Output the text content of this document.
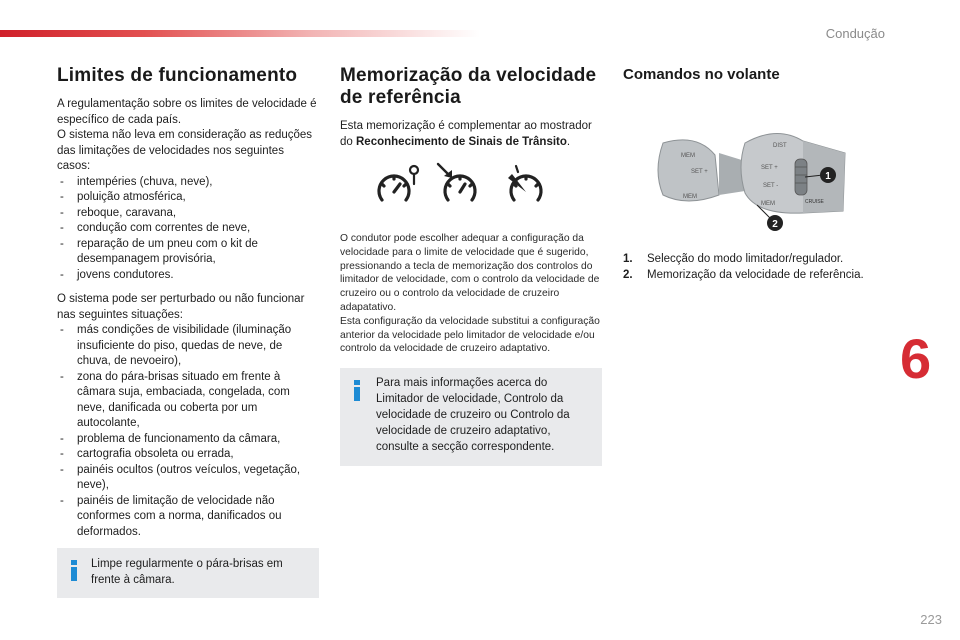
Condução
6
223
Limites de funcionamento

A regulamentação sobre os limites de velocidade é específico de cada país.
O sistema não leva em consideração as reduções das limitações de velocidades nos seguintes casos:

- intempéries (chuva, neve),
- poluição atmosférica,
- reboque, caravana,
- condução com correntes de neve,
- reparação de um pneu com o kit de desempanagem provisória,
- jovens condutores.

O sistema pode ser perturbado ou não funcionar nas seguintes situações:

- más condições de visibilidade (iluminação insuficiente do piso, quedas de neve, de chuva, de nevoeiro),
- zona do pára-brisas situado em frente à câmara suja, embaciada, congelada, com neve, danificada ou coberta por um autocolante,
- problema de funcionamento da câmara,
- cartografia obsoleta ou errada,
- painéis ocultos (outros veículos, vegetação, neve),
- painéis de limitação de velocidade não conformes com a norma, danificados ou deformados.
Limpe regularmente o pára-brisas em frente à câmara.
Memorização da velocidade de referência

Esta memorização é complementar ao mostrador do Reconhecimento de Sinais de Trânsito.

O condutor pode escolher adequar a configuração da velocidade para o limite de velocidade que é sugerido, pressionando a tecla de memorização dos controlos do limitador de velocidade, com o controlo da velocidade de cruzeiro ou o controlo da velocidade de cruzeiro adapatativo.
Esta configuração da velocidade substitui a configuração anterior da velocidade pelo limitador de velocidade e/ou controlo da velocidade de cruzeiro adaptativo.

Para mais informações acerca do Limitador de velocidade, Controlo da velocidade de cruzeiro ou Controlo da velocidade de cruzeiro adaptativo, consulte a secção correspondente.
Comandos no volante
MEM
SET +
MEM
DIST
SET +
SET -
MEM	CRUISE
1
2
1. Selecção do modo limitador/regulador.
2. Memorização da velocidade de referência.
